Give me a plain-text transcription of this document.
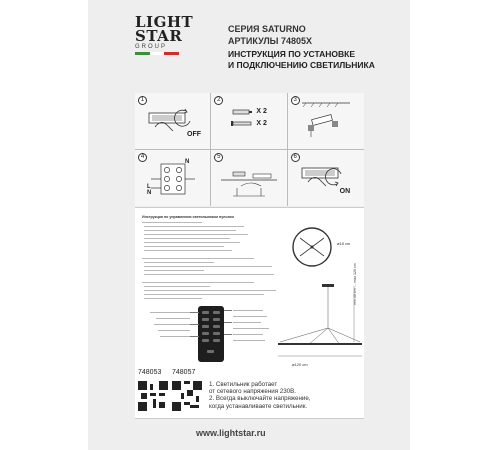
LIGHT
STAR
GROUP
СЕРИЯ SATURNO
АРТИКУЛЫ 74805X
ИНСТРУКЦИЯ ПО УСТАНОВКЕ
И ПОДКЛЮЧЕНИЮ СВЕТИЛЬНИКА
1
OFF
2
X 2
X 2
3
4
N
L
N
5	6
ON
Инструкция по управлению светильником пультом
⌀18 cm
⌀120 cm
min 40 cm … max 120 cm
748053 748057
1. Светильник работает
от сетевого напряжения 230В.
2. Всегда выключайте напряжение,
когда устанавливаете светильник.
www.lightstar.ru
